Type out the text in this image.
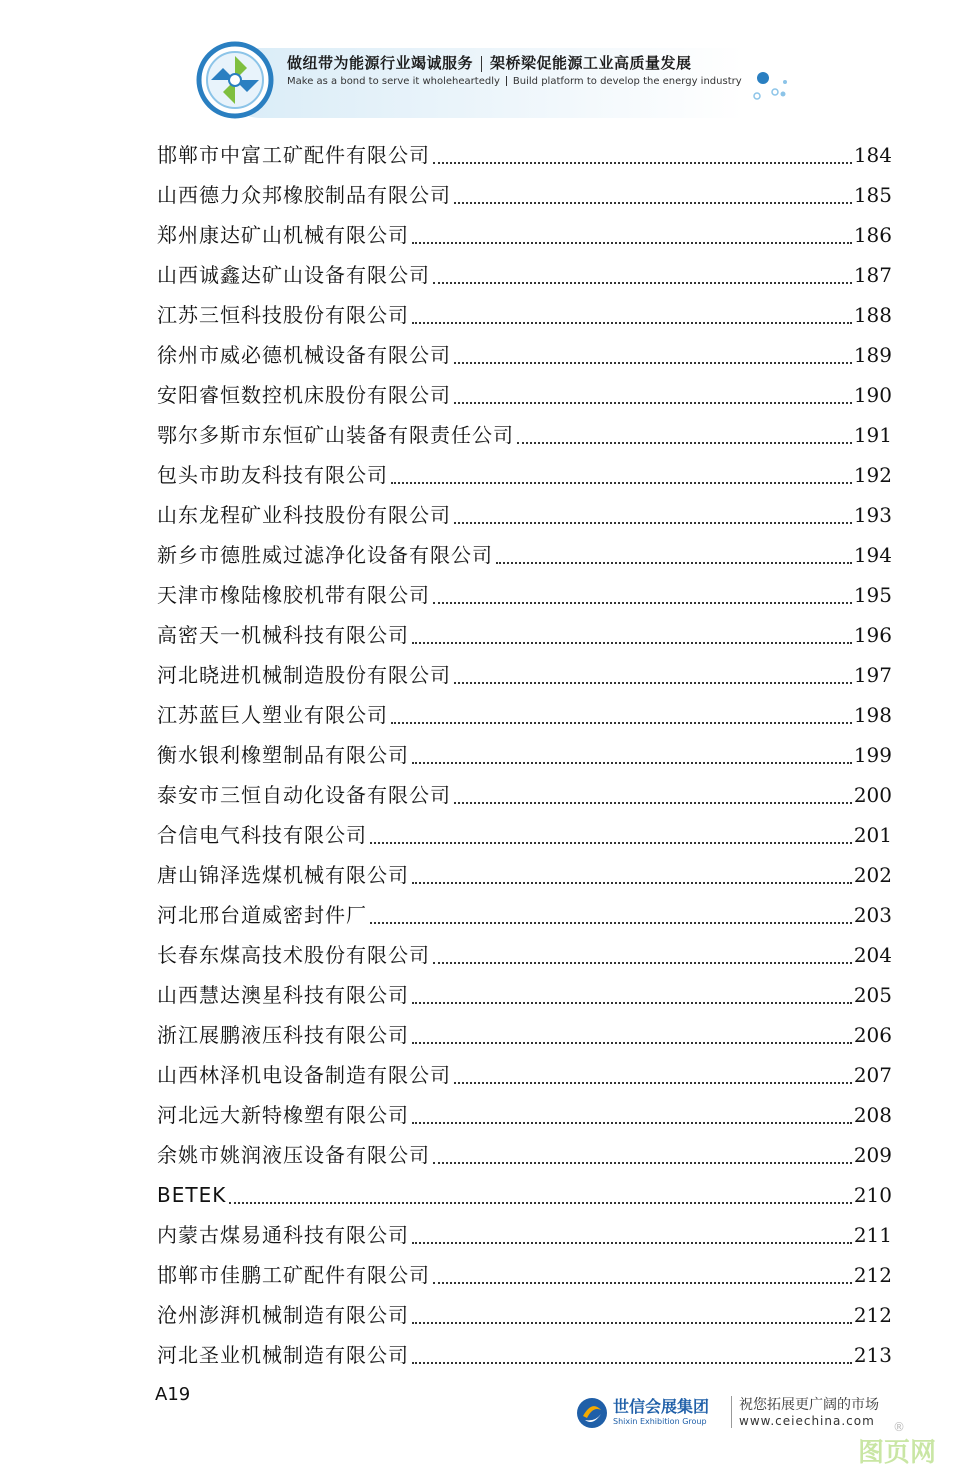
做纽带为能源行业竭诚服务 架桥梁促能源工业高质量发展
Make as a bond to serve it wholeheartedly Build platform to develop the energy industry
邯郸市中富工矿配件有限公司	184
山西德力众邦橡胶制品有限公司	185
郑州康达矿山机械有限公司	186
山西诚鑫达矿山设备有限公司	187
江苏三恒科技股份有限公司	188
徐州市威必德机械设备有限公司	189
安阳睿恒数控机床股份有限公司	190
鄂尔多斯市东恒矿山装备有限责任公司	191
包头市助友科技有限公司	192
山东龙程矿业科技股份有限公司	193
新乡市德胜威过滤净化设备有限公司	194
天津市橡陆橡胶机带有限公司	195
高密天一机械科技有限公司	196
河北晓进机械制造股份有限公司	197
江苏蓝巨人塑业有限公司	198
衡水银利橡塑制品有限公司	199
泰安市三恒自动化设备有限公司	200
合信电气科技有限公司	201
唐山锦泽选煤机械有限公司	202
河北邢台道威密封件厂	203
长春东煤高技术股份有限公司	204
山西慧达澳星科技有限公司	205
浙江展鹏液压科技有限公司	206
山西林泽机电设备制造有限公司	207
河北远大新特橡塑有限公司	208
余姚市姚润液压设备有限公司	209
BETEK	210
内蒙古煤易通科技有限公司	211
邯郸市佳鹏工矿配件有限公司	212
沧州澎湃机械制造有限公司	212
河北圣业机械制造有限公司	213
A19
世信会展集团
Shixin Exhibition Group
祝您拓展更广阔的市场
www.ceiechina.com ®
图页网
